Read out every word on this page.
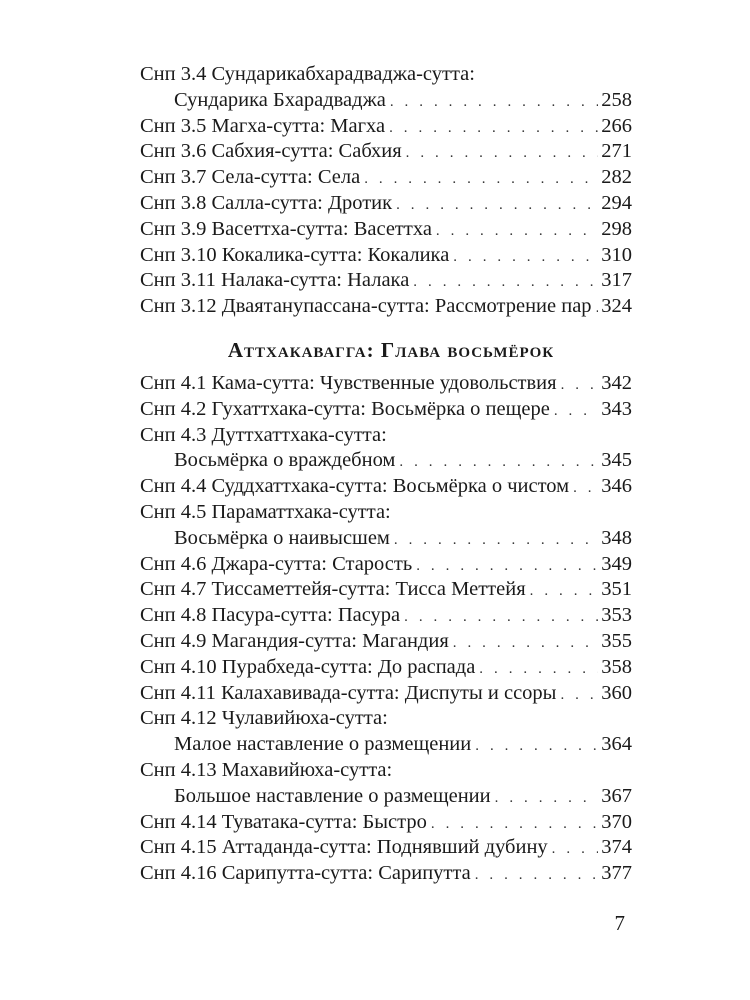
Снп 3.4 Сундарикабхарадваджа-сутта:
Сундарика Бхарадваджа . . .	258
Снп 3.5 Магха-сутта: Магха . . .	266
Снп 3.6 Сабхия-сутта: Сабхия . . .	271
Снп 3.7 Села-сутта: Села . . .	282
Снп 3.8 Салла-сутта: Дротик . . .	294
Снп 3.9 Васеттха-сутта: Васеттха . . .	298
Снп 3.10 Кокалика-сутта: Кокалика . . .	310
Снп 3.11 Налака-сутта: Налака . . .	317
Снп 3.12 Дваятанупассана-сутта: Рассмотрение пар . . . 324
Аттхакавагга: Глава восьмёрок
Снп 4.1 Кама-сутта: Чувственные удовольствия . . . 342
Снп 4.2 Гухаттхака-сутта: Восьмёрка о пещере . . .	343
Снп 4.3 Дуттхаттхака-сутта:
Восьмёрка о враждебном . . .	345
Снп 4.4 Суддхаттхака-сутта: Восьмёрка о чистом . . . 346
Снп 4.5 Параматтхака-сутта:
Восьмёрка о наивысшем . . .	348
Снп 4.6 Джара-сутта: Старость . . .	349
Снп 4.7 Тиссаметтейя-сутта: Тисса Меттейя . . .	351
Снп 4.8 Пасура-сутта: Пасура . . .	353
Снп 4.9 Магандия-сутта: Магандия . . .	355
Снп 4.10 Пурабхеда-сутта: До распада . . .	358
Снп 4.11 Калахавивада-сутта: Диспуты и ссоры . . . 360
Снп 4.12 Чулавийюха-сутта:
Малое наставление о размещении . . .	364
Снп 4.13 Махавийюха-сутта:
Большое наставление о размещении . . .	367
Снп 4.14 Туватака-сутта: Быстро . . .	370
Снп 4.15 Аттаданда-сутта: Поднявший дубину . . .	374
Снп 4.16 Сарипутта-сутта: Сарипутта . . .	377
7
